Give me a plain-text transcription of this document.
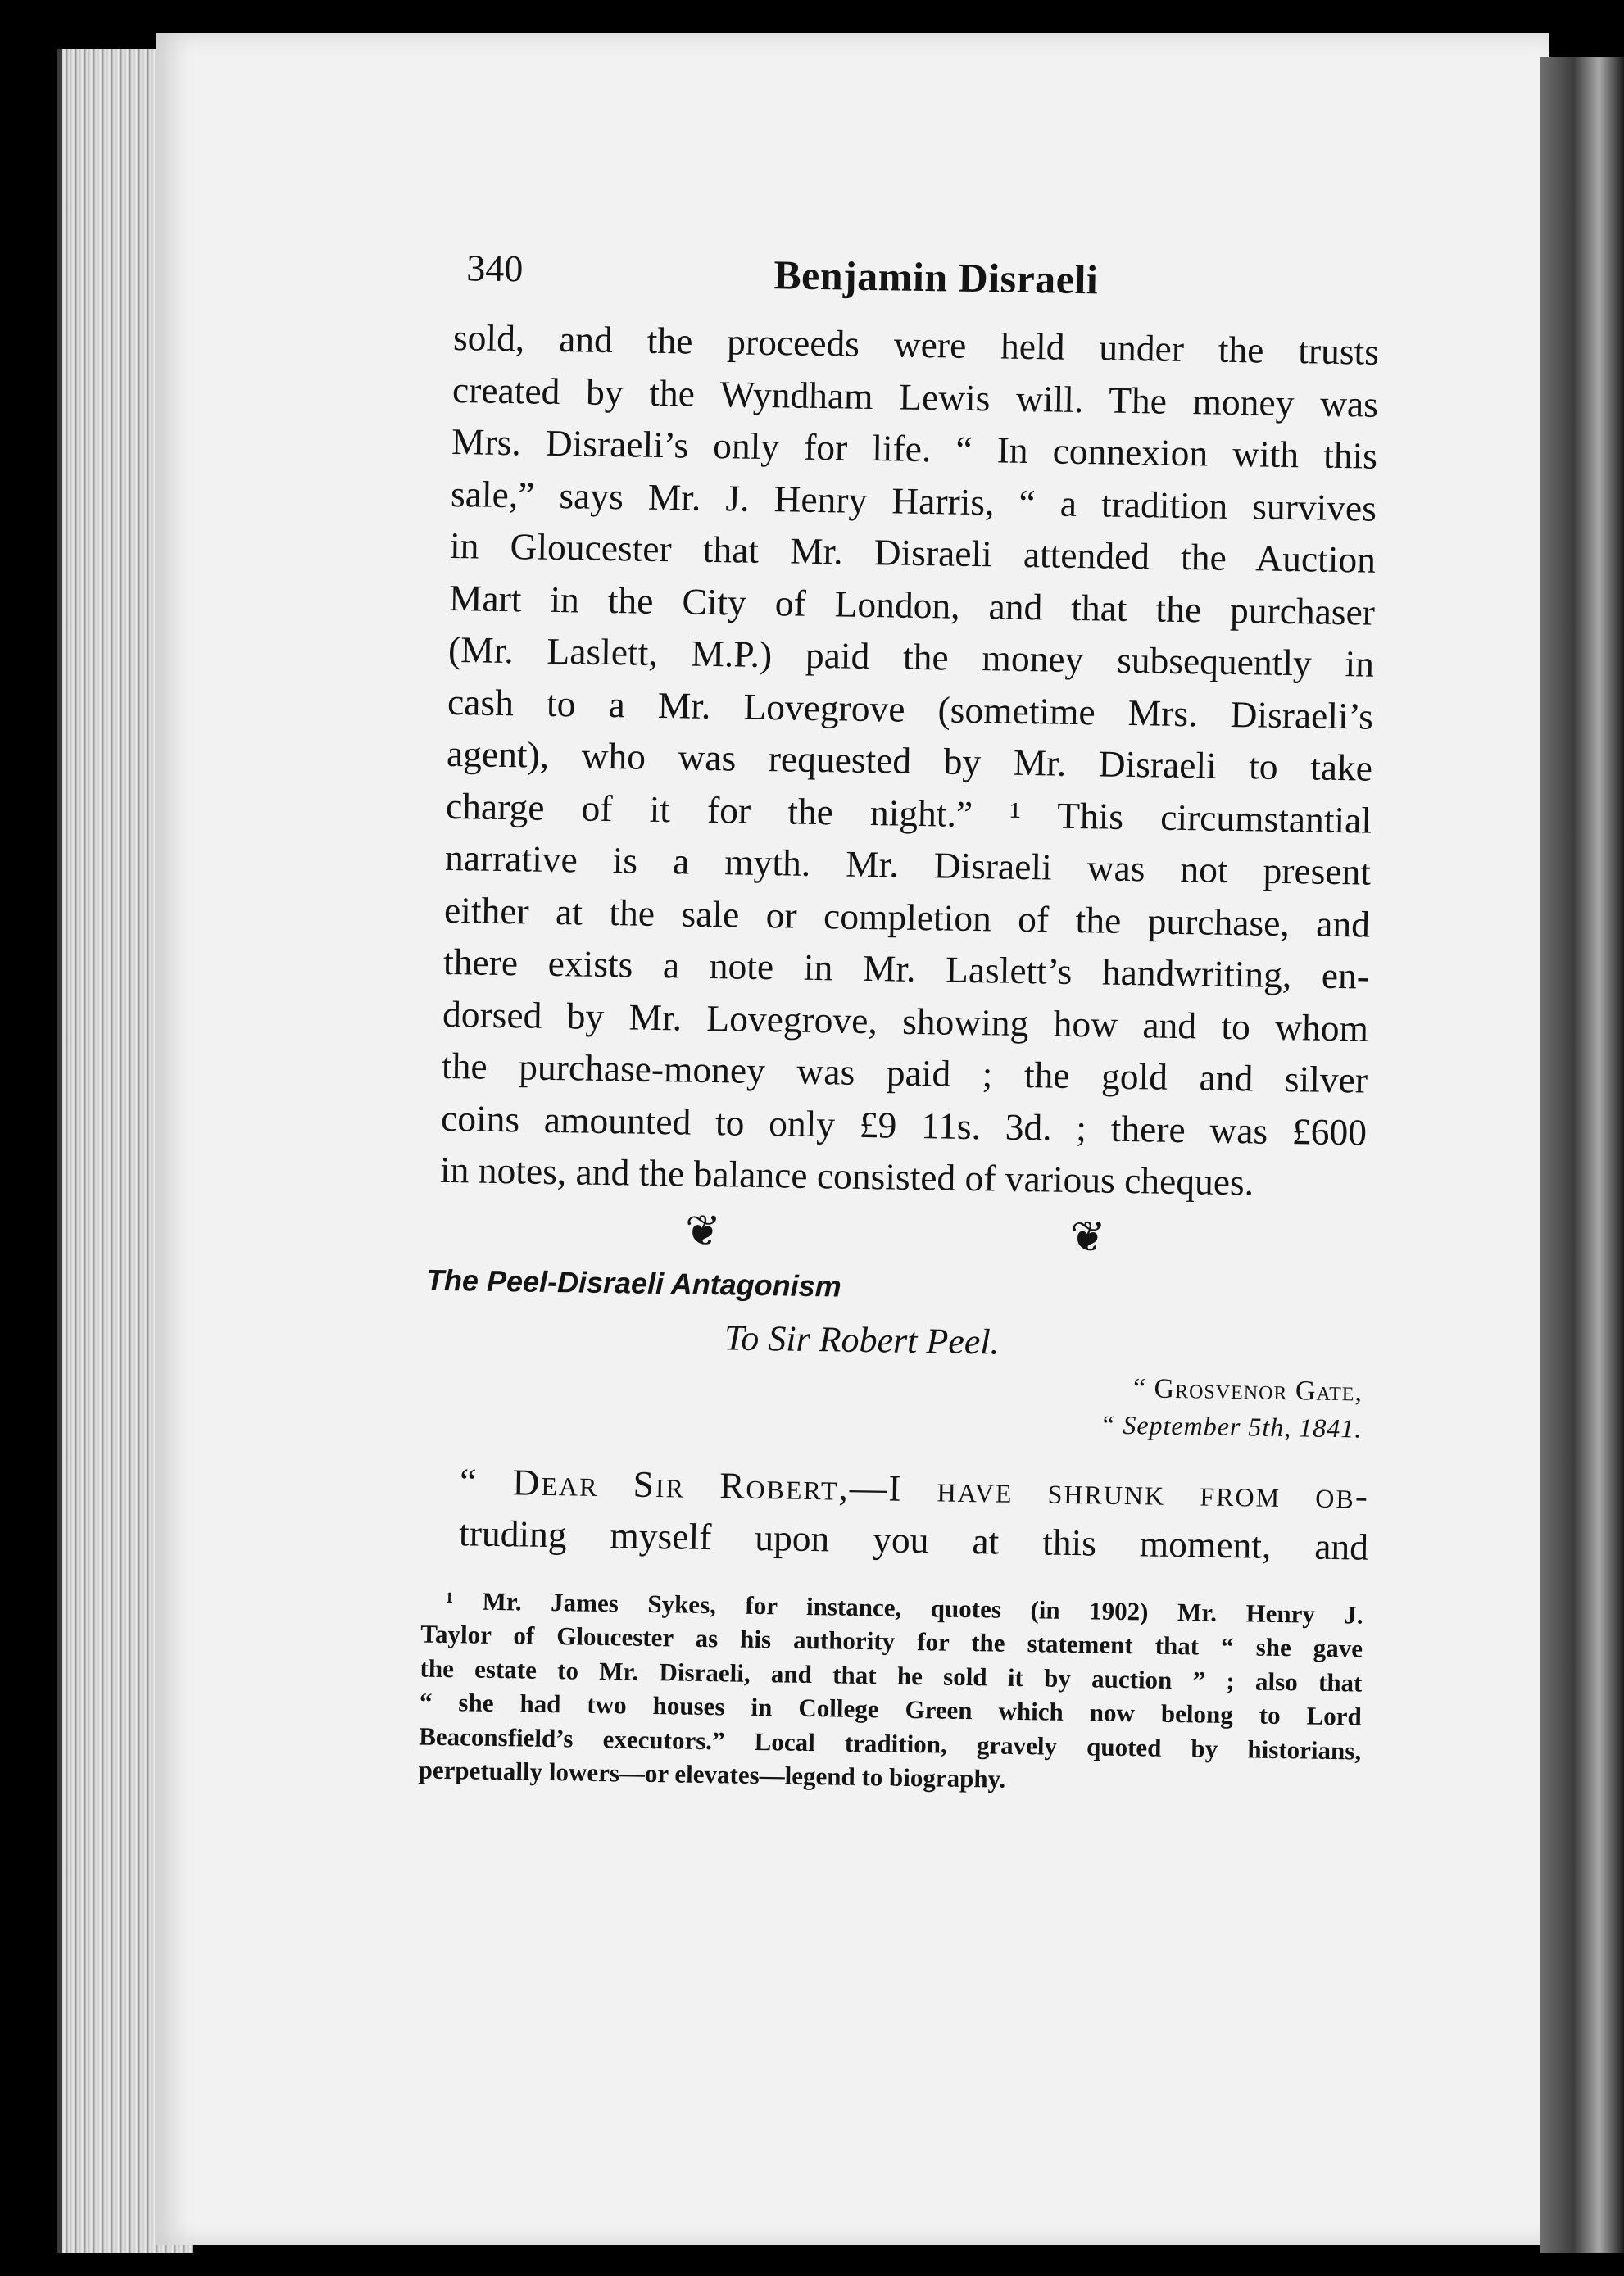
340	Benjamin Disraeli
sold, and the proceeds were held under the trusts
created by the Wyndham Lewis will. The money was
Mrs. Disraeli’s only for life. “ In connexion with this
sale,” says Mr. J. Henry Harris, “ a tradition survives
in Gloucester that Mr. Disraeli attended the Auction
Mart in the City of London, and that the purchaser
(Mr. Laslett, M.P.) paid the money subsequently in
cash to a Mr. Lovegrove (sometime Mrs. Disraeli’s
agent), who was requested by Mr. Disraeli to take
charge of it for the night.” ¹ This circumstantial
narrative is a myth. Mr. Disraeli was not present
either at the sale or completion of the purchase, and
there exists a note in Mr. Laslett’s handwriting, en-
dorsed by Mr. Lovegrove, showing how and to whom
the purchase-money was paid ; the gold and silver
coins amounted to only £9 11s. 3d. ; there was £600
in notes, and the balance consisted of various cheques.
❦	❦
The Peel-Disraeli Antagonism
To Sir Robert Peel.
“ Grosvenor Gate,
“ September 5th, 1841.
“ Dear Sir Robert,—I have shrunk from ob-
truding myself upon you at this moment, and
¹ Mr. James Sykes, for instance, quotes (in 1902) Mr. Henry J.
Taylor of Gloucester as his authority for the statement that “ she gave
the estate to Mr. Disraeli, and that he sold it by auction ” ; also that
“ she had two houses in College Green which now belong to Lord
Beaconsfield’s executors.” Local tradition, gravely quoted by historians,
perpetually lowers—or elevates—legend to biography.
